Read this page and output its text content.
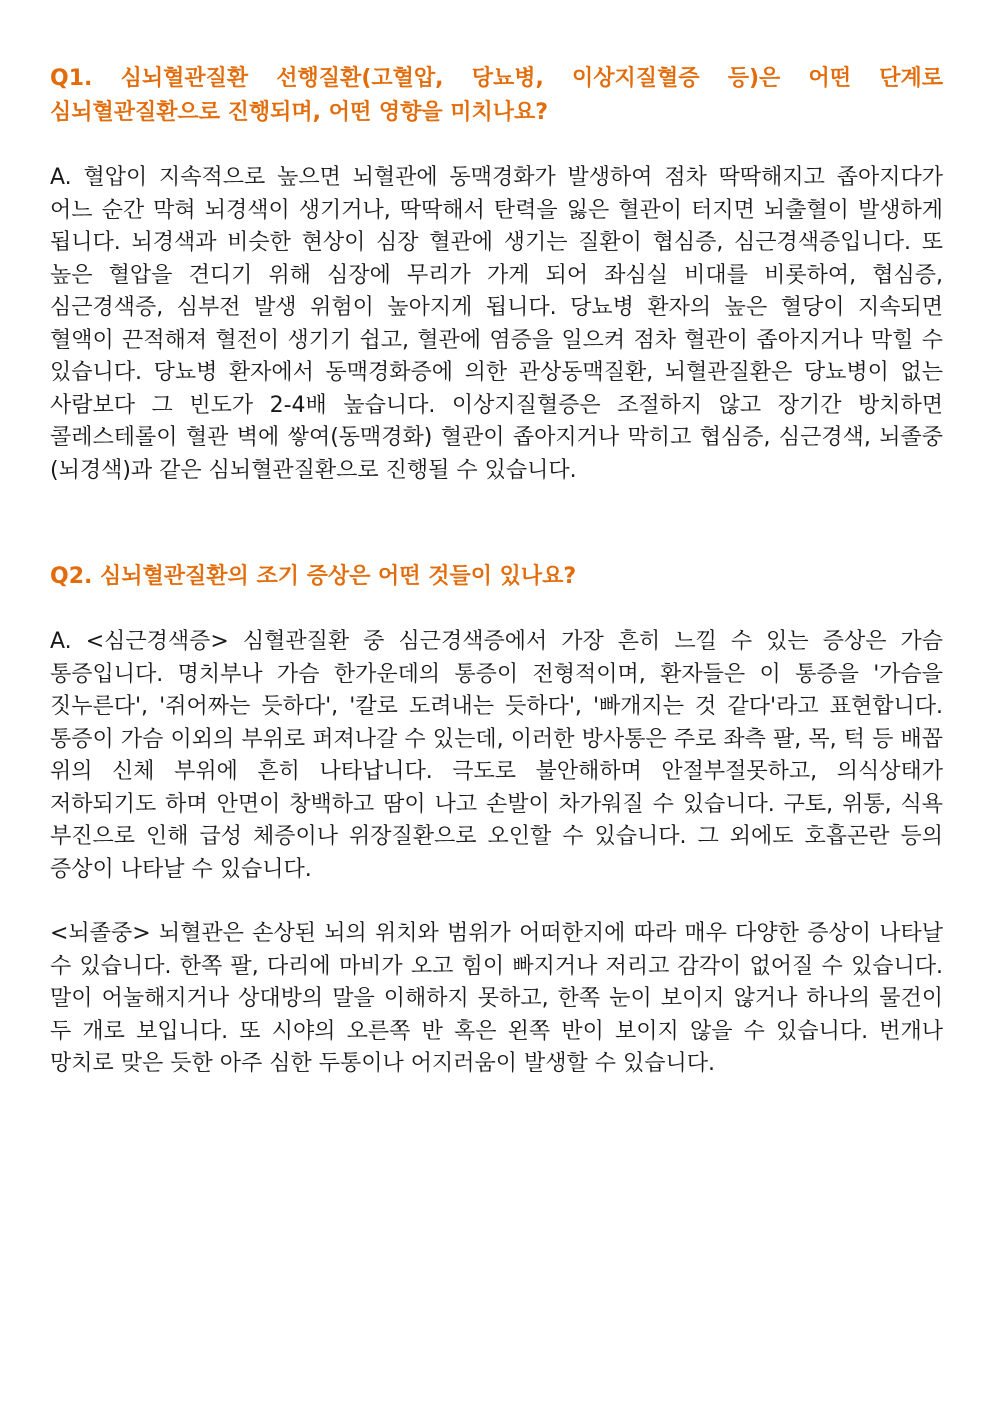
Q1. 심뇌혈관질환 선행질환(고혈압, 당뇨병, 이상지질혈증 등)은 어떤 단계로 심뇌혈관질환으로 진행되며, 어떤 영향을 미치나요?

A. 혈압이 지속적으로 높으면 뇌혈관에 동맥경화가 발생하여 점차 딱딱해지고 좁아지다가 어느 순간 막혀 뇌경색이 생기거나, 딱딱해서 탄력을 잃은 혈관이 터지면 뇌출혈이 발생하게 됩니다. 뇌경색과 비슷한 현상이 심장 혈관에 생기는 질환이 협심증, 심근경색증입니다. 또 높은 혈압을 견디기 위해 심장에 무리가 가게 되어 좌심실 비대를 비롯하여, 협심증, 심근경색증, 심부전 발생 위험이 높아지게 됩니다. 당뇨병 환자의 높은 혈당이 지속되면 혈액이 끈적해져 혈전이 생기기 쉽고, 혈관에 염증을 일으켜 점차 혈관이 좁아지거나 막힐 수 있습니다. 당뇨병 환자에서 동맥경화증에 의한 관상동맥질환, 뇌혈관질환은 당뇨병이 없는 사람보다 그 빈도가 2-4배 높습니다. 이상지질혈증은 조절하지 않고 장기간 방치하면 콜레스테롤이 혈관 벽에 쌓여(동맥경화) 혈관이 좁아지거나 막히고 협심증, 심근경색, 뇌졸중(뇌경색)과 같은 심뇌혈관질환으로 진행될 수 있습니다.

Q2. 심뇌혈관질환의 조기 증상은 어떤 것들이 있나요?

A. <심근경색증> 심혈관질환 중 심근경색증에서 가장 흔히 느낄 수 있는 증상은 가슴 통증입니다. 명치부나 가슴 한가운데의 통증이 전형적이며, 환자들은 이 통증을 '가슴을 짓누른다', '쥐어짜는 듯하다', '칼로 도려내는 듯하다', '빠개지는 것 같다'라고 표현합니다. 통증이 가슴 이외의 부위로 퍼져나갈 수 있는데, 이러한 방사통은 주로 좌측 팔, 목, 턱 등 배꼽 위의 신체 부위에 흔히 나타납니다. 극도로 불안해하며 안절부절못하고, 의식상태가 저하되기도 하며 안면이 창백하고 땀이 나고 손발이 차가워질 수 있습니다. 구토, 위통, 식욕 부진으로 인해 급성 체증이나 위장질환으로 오인할 수 있습니다. 그 외에도 호흡곤란 등의 증상이 나타날 수 있습니다.

<뇌졸중> 뇌혈관은 손상된 뇌의 위치와 범위가 어떠한지에 따라 매우 다양한 증상이 나타날 수 있습니다. 한쪽 팔, 다리에 마비가 오고 힘이 빠지거나 저리고 감각이 없어질 수 있습니다. 말이 어눌해지거나 상대방의 말을 이해하지 못하고, 한쪽 눈이 보이지 않거나 하나의 물건이 두 개로 보입니다. 또 시야의 오른쪽 반 혹은 왼쪽 반이 보이지 않을 수 있습니다. 번개나 망치로 맞은 듯한 아주 심한 두통이나 어지러움이 발생할 수 있습니다.
